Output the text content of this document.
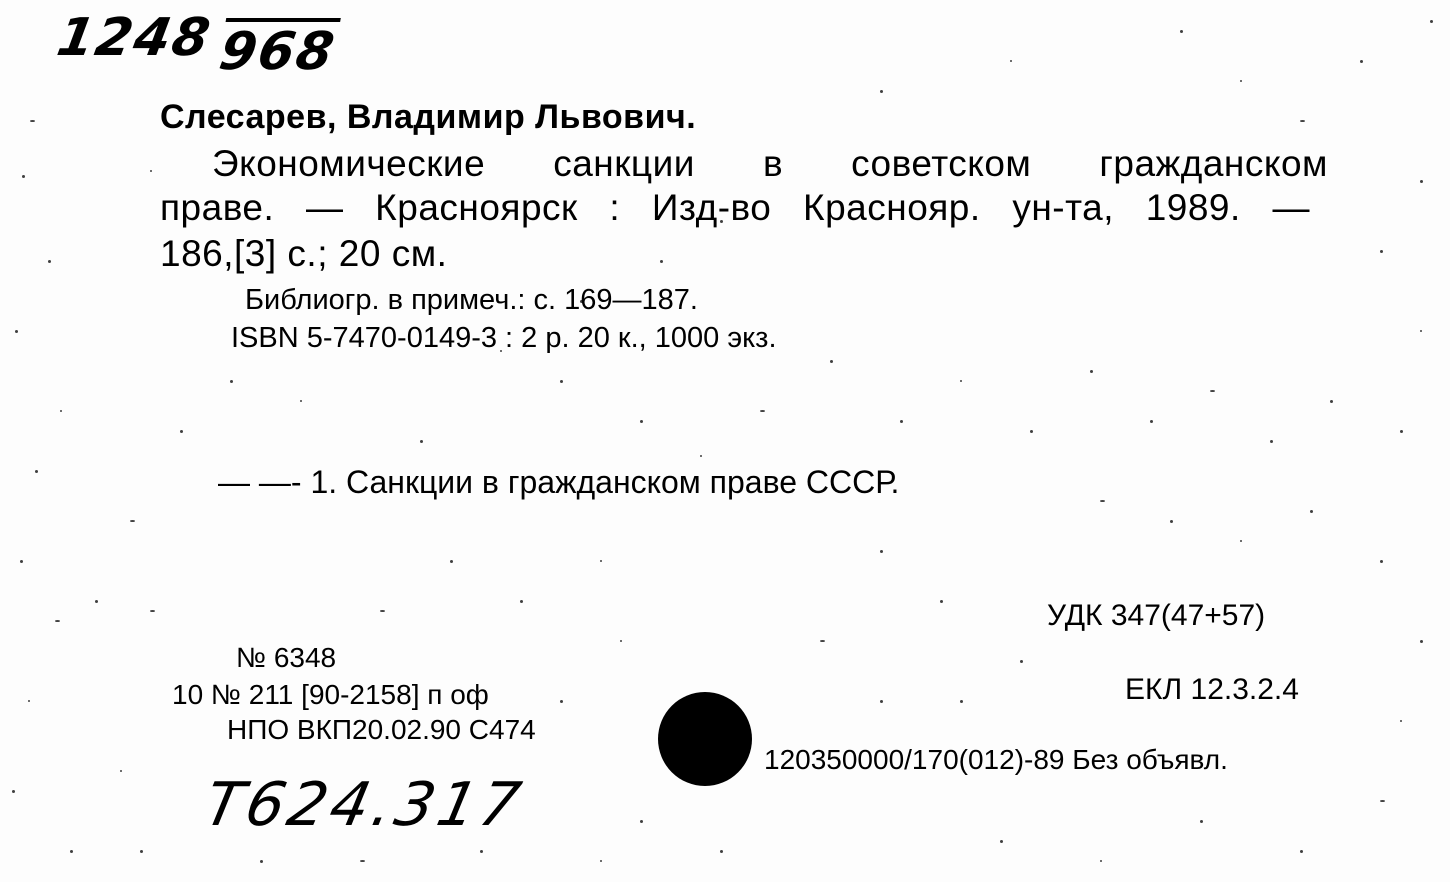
1248968
Слесарев, Владимир Львович.
Экономические санкции в советском гражданском
праве. — Красноярск : Изд-во Краснояр. ун-та, 1989. —
186,[3] с.; 20 см.
Библиогр. в примеч.: с. 169—187.
ISBN 5-7470-0149-3 : 2 р. 20 к., 1000 экз.
— —- 1. Санкции в гражданском праве СССР.
УДК 347(47+57)
ЕКЛ 12.3.2.4
№ 6348
10 № 211 [90-2158] п оф
НПО ВКП20.02.90 С474
120350000/170(012)-89 Без объявл.
Т624.317
